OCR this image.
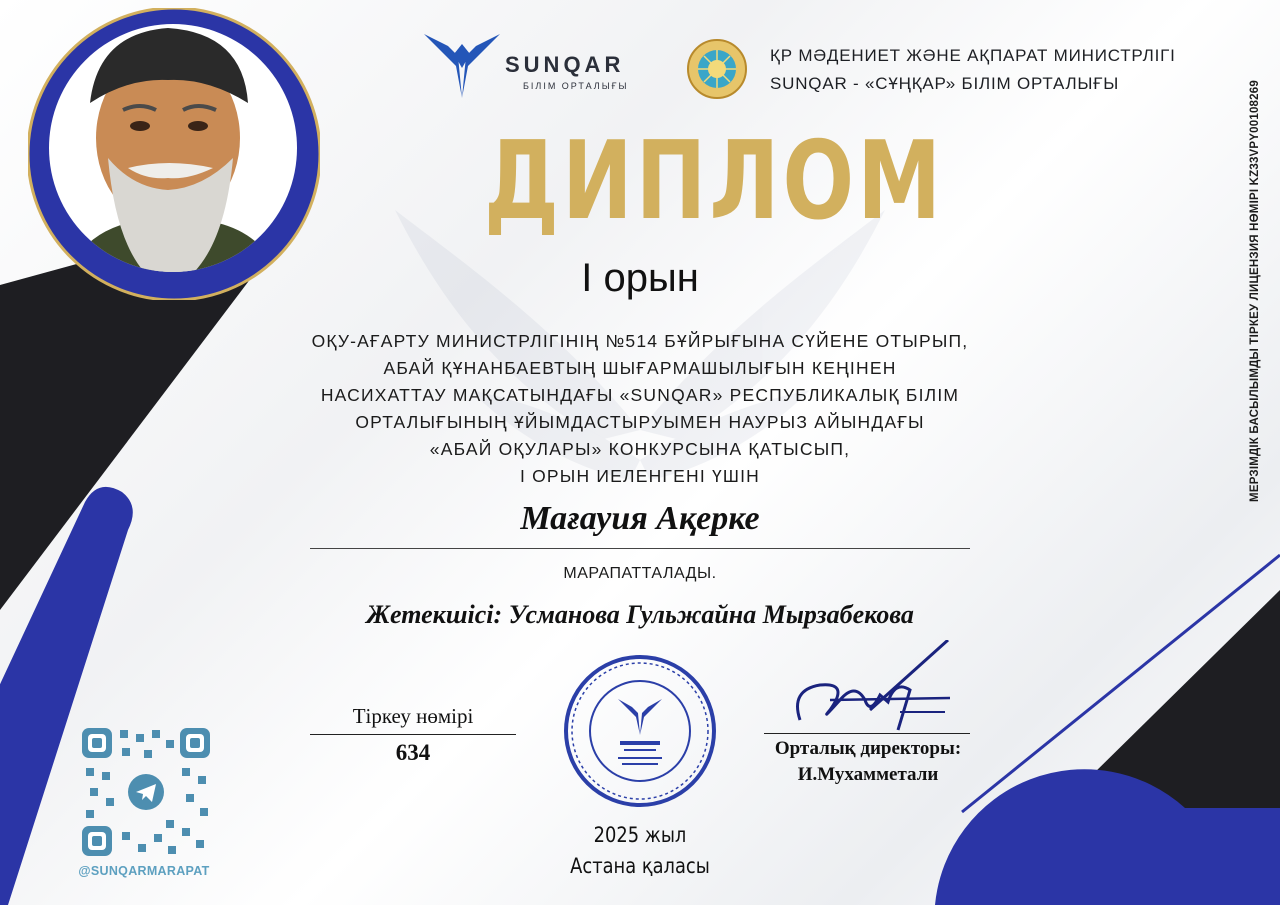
SUNQAR
БІЛІМ ОРТАЛЫҒЫ
ҚР МӘДЕНИЕТ ЖӘНЕ АҚПАРАТ МИНИСТРЛІГІ
SUNQAR - «СҰҢҚАР» БІЛІМ ОРТАЛЫҒЫ
ДИПЛОМ
I орын
ОҚУ-АҒАРТУ МИНИСТРЛІГІНІҢ №514 БҰЙРЫҒЫНА СҮЙЕНЕ ОТЫРЫП,
АБАЙ ҚҰНАНБАЕВТЫҢ ШЫҒАРМАШЫЛЫҒЫН КЕҢІНЕН
НАСИХАТТАУ МАҚСАТЫНДАҒЫ «SUNQAR» РЕСПУБЛИКАЛЫҚ БІЛІМ
ОРТАЛЫҒЫНЫҢ ҰЙЫМДАСТЫРУЫМЕН НАУРЫЗ АЙЫНДАҒЫ
«АБАЙ ОҚУЛАРЫ» КОНКУРСЫНА ҚАТЫСЫП,
І ОРЫН ИЕЛЕНГЕНІ ҮШІН
Мағауия Ақерке
МАРАПАТТАЛАДЫ.
Жетекшісі: Усманова Гульжайна Мырзабекова
Тіркеу нөмірі
634
2025 жыл
Астана қаласы
Орталық директоры:
И.Мухамметали
@SUNQARMARAPAT
МЕРЗІМДІК БАСЫЛЫМДЫ ТІРКЕУ ЛИЦЕНЗИЯ НӨМІРІ KZ33VPY00108269
